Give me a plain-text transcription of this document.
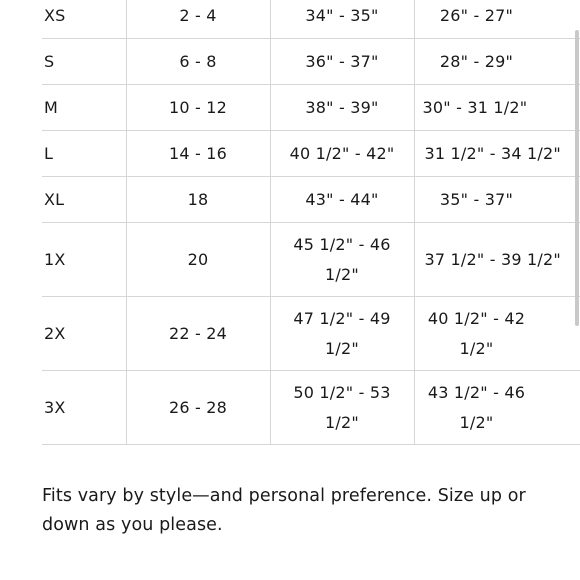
XS	2 - 4	34" - 35"	26" - 27"

S	6 - 8	36" - 37"	28" - 29"

M	10 - 12	38" - 39"	30" - 31 1/2"

L	14 - 16	40 1/2" - 42"	31 1/2" - 34 1/2"
XL	18	43" - 44"	35" - 37"

1X	20	45 1/2" - 46 1/2"	37 1/2" - 39 1/2"
2X	22 - 24	47 1/2" - 49 1/2"	40 1/2" - 42 1/2"

3X	26 - 28	50 1/2" - 53 1/2"	43 1/2" - 46 1/2"

Fits vary by style—and personal preference. Size up or down as you please.
